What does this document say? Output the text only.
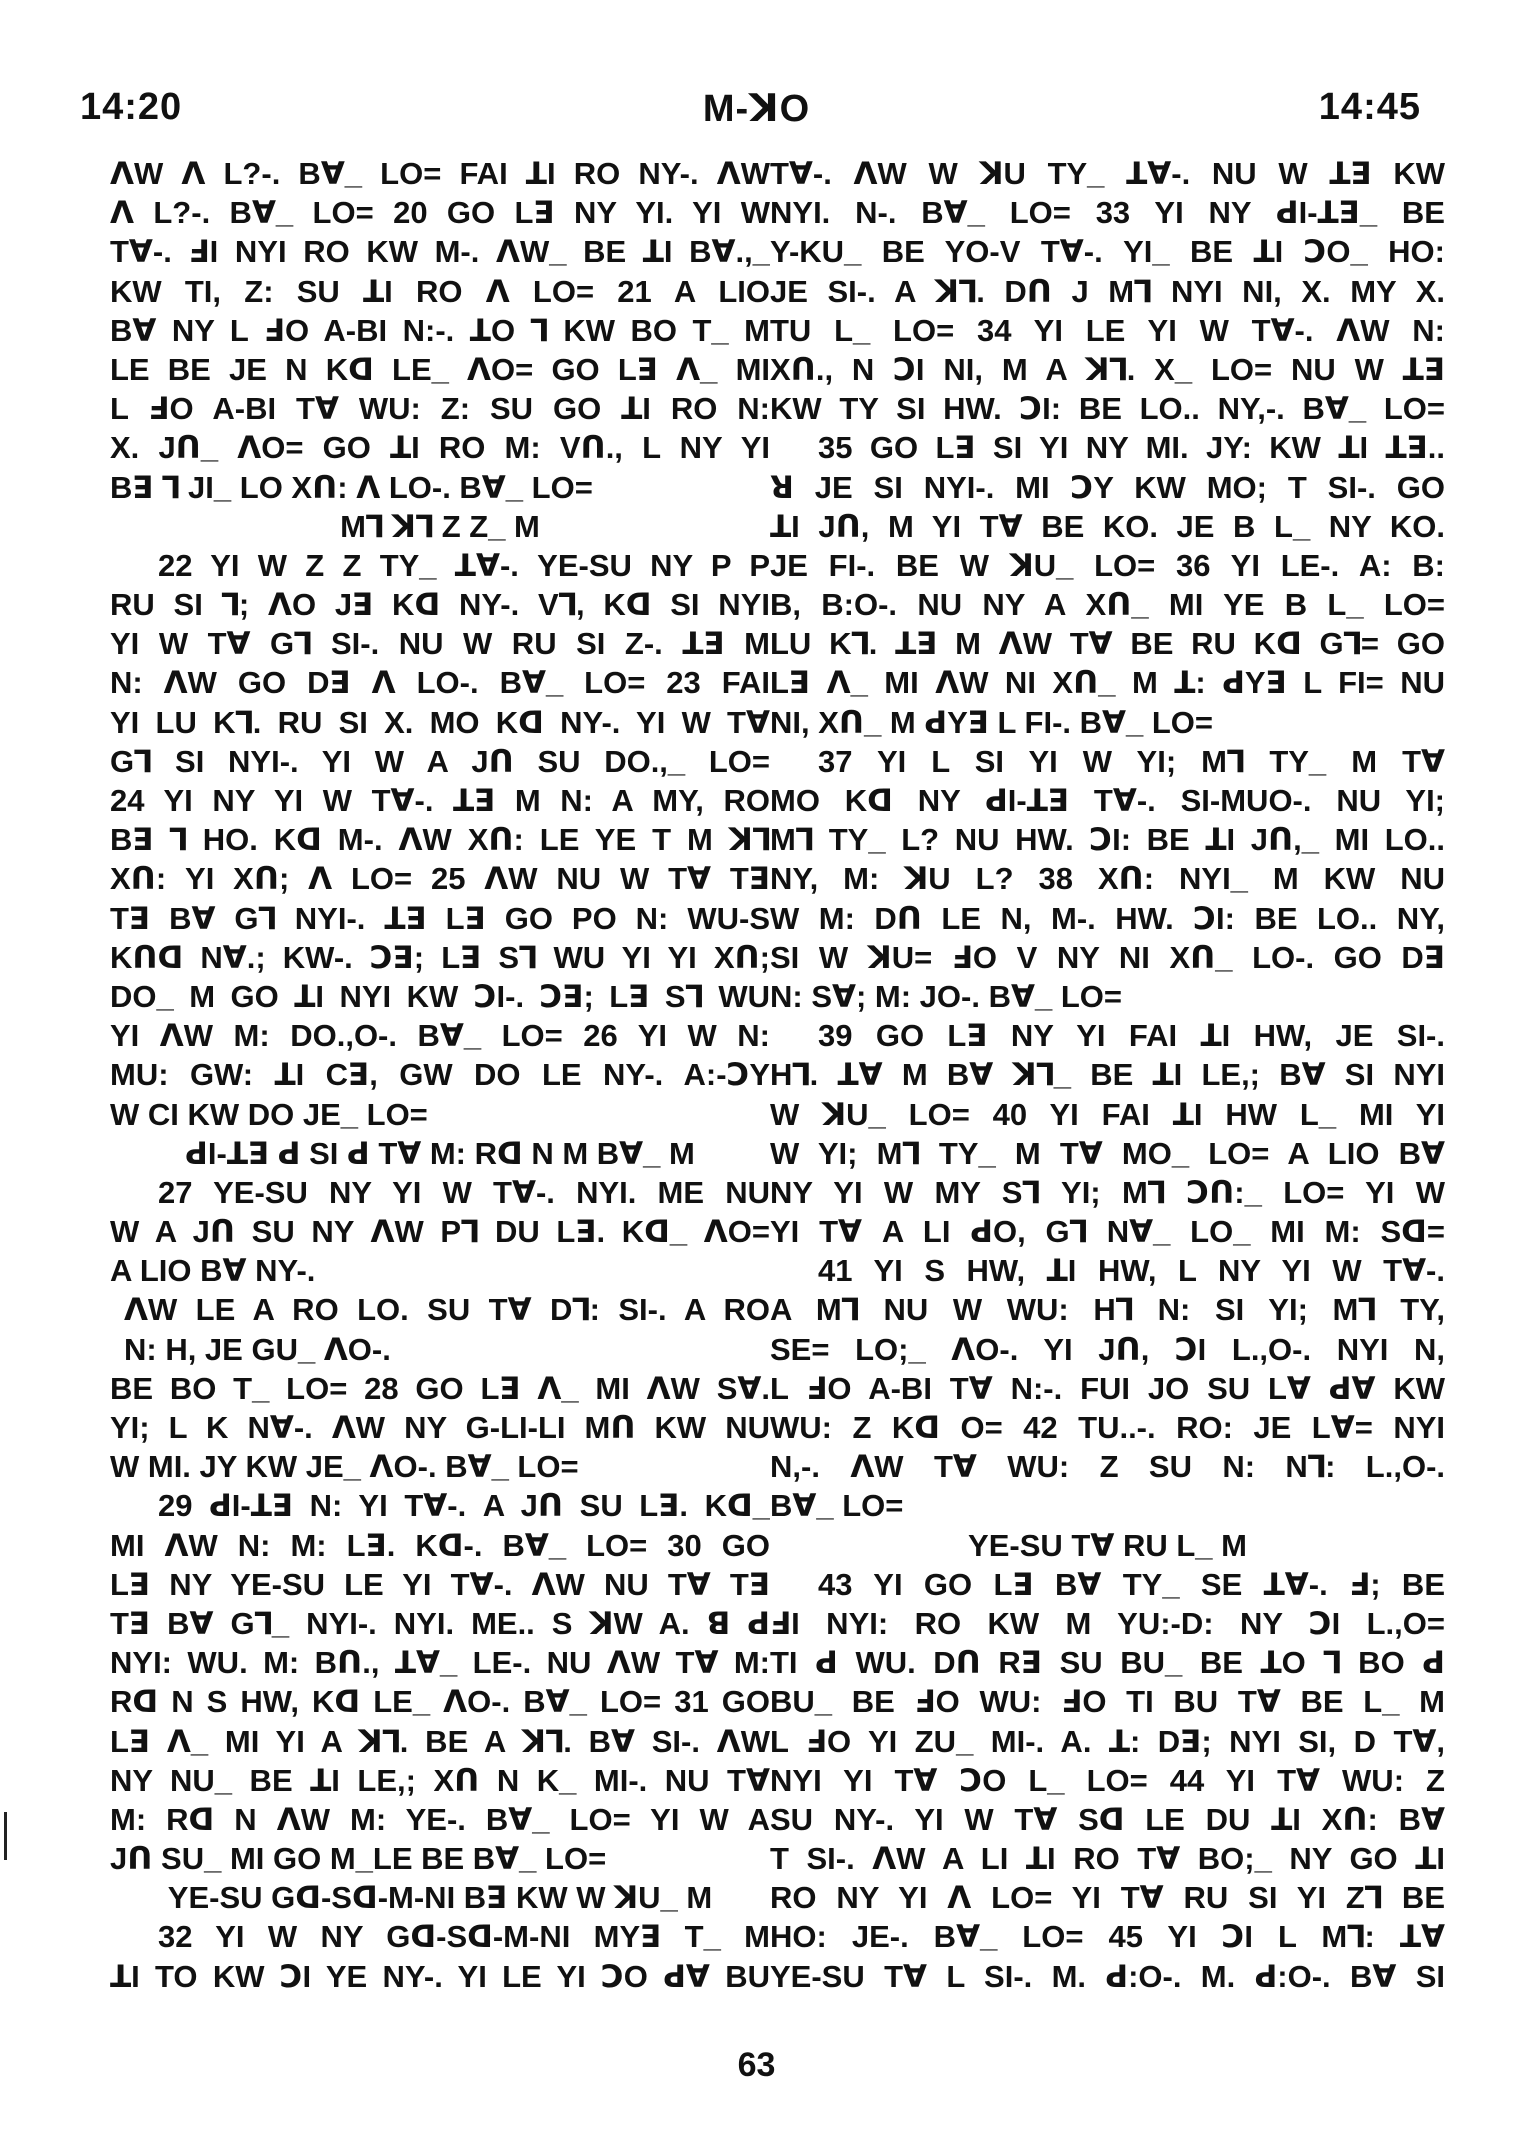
14:20	M-ꓘO	14:45
ꓥW ꓥ L?-. Bꓯ_ LO= FAI ꓕI RO NY-. ꓥW
ꓥ L?-. Bꓯ_ LO= 20 GO Lꓱ NY YI. YI W
Tꓯ-. ꓞI NYI RO KW M-. ꓥW_ BE ꓕI Bꓯ.,_
KW TI, Z: SU ꓕI RO ꓥ LO= 21 A LIO
Bꓯ NY L ꓞO A-BI N:-. ꓕO ꓶ KW BO T_ M
LE BE JE N Kꓷ LE_ ꓥO= GO Lꓱ ꓥ_ MI
L ꓞO A-BI Tꓯ WU: Z: SU GO ꓕI RO N:
X. Jꓵ_ ꓥO= GO ꓕI RO M: Vꓵ., L NY YI
Bꓱ ꓶ JI_ LO Xꓵ: ꓥ LO-. Bꓯ_ LO=
Mꓶ ꓘꓶ Z Z_ M
22 YI W Z Z TY_ ꓕꓯ-. YE-SU NY P P
RU SI ꓶ; ꓥO Jꓱ Kꓷ NY-. Vꓶ, Kꓷ SI NYI
YI W Tꓯ Gꓶ SI-. NU W RU SI Z-. ꓕꓱ M
N: ꓥW GO Dꓱ ꓥ LO-. Bꓯ_ LO= 23 FAI
YI LU Kꓶ. RU SI X. MO Kꓷ NY-. YI W Tꓯ
Gꓶ SI NYI-. YI W A Jꓵ SU DO.,_ LO=
24 YI NY YI W Tꓯ-. ꓕꓱ M N: A MY, RO
Bꓱ ꓶ HO. Kꓷ M-. ꓥW Xꓵ: LE YE T M ꓘꓶ
Xꓵ: YI Xꓵ; ꓥ LO= 25 ꓥW NU W Tꓯ Tꓱ
Tꓱ Bꓯ Gꓶ NYI-. ꓕꓱ Lꓱ GO PO N: WU-S
Kꓵꓷ Nꓯ.; KW-. ꓛꓱ; Lꓱ Sꓶ WU YI YI Xꓵ;
DO_ M GO ꓕI NYI KW ꓛI-. ꓛꓱ; Lꓱ Sꓶ WU
YI ꓥW M: DO.,O-. Bꓯ_ LO= 26 YI W N:
MU: GW: ꓕI Cꓱ, GW DO LE NY-. A:-ꓛY
W CI KW DO JE_ LO=
ꓒI-ꓕꓱ ꓒ SI ꓒ Tꓯ M: Rꓷ N M Bꓯ_ M
27 YE-SU NY YI W Tꓯ-. NYI. ME NU
W A Jꓵ SU NY ꓥW Pꓶ DU Lꓱ. Kꓷ_ ꓥO=
A LIO Bꓯ NY-.
ꓥW LE A RO LO. SU Tꓯ Dꓶ: SI-. A RO
N: H, JE GU_ ꓥO-.
BE BO T_ LO= 28 GO Lꓱ ꓥ_ MI ꓥW Sꓯ.
YI; L K Nꓯ-. ꓥW NY G-LI-LI Mꓵ KW NU
W MI. JY KW JE_ ꓥO-. Bꓯ_ LO=
29 ꓒI-ꓕꓱ N: YI Tꓯ-. A Jꓵ SU Lꓱ. Kꓷ_
MI ꓥW N: M: Lꓱ. Kꓷ-. Bꓯ_ LO= 30 GO
Lꓱ NY YE-SU LE YI Tꓯ-. ꓥW NU Tꓯ Tꓱ
Tꓱ Bꓯ Gꓶ_ NYI-. NYI. ME.. S ꓘW A. ꓭ ꓒ
NYI: WU. M: Bꓵ., ꓕꓯ_ LE-. NU ꓥW Tꓯ M:
Rꓷ N S HW, Kꓷ LE_ ꓥO-. Bꓯ_ LO= 31 GO
Lꓱ ꓥ_ MI YI A ꓘꓶ. BE A ꓘꓶ. Bꓯ SI-. ꓥW
NY NU_ BE ꓕI LE,; Xꓵ N K_ MI-. NU Tꓯ
M: Rꓷ N ꓥW M: YE-. Bꓯ_ LO= YI W A
Jꓵ SU_ MI GO M_LE BE Bꓯ_ LO=
YE-SU Gꓷ-Sꓷ-M-NI Bꓱ KW W ꓘU_ M
32 YI W NY Gꓷ-Sꓷ-M-NI MYꓱ T_ M
ꓕI TO KW ꓛI YE NY-. YI LE YI ꓛO ꓒꓯ BU
Tꓯ-. ꓥW W ꓘU TY_ ꓕꓯ-. NU W ꓕꓱ KW
NYI. N-. Bꓯ_ LO= 33 YI NY ꓒI-ꓕꓱ_ BE
Y-KU_ BE YO-V Tꓯ-. YI_ BE ꓕI ꓛO_ HO:
JE SI-. A ꓘꓶ. Dꓵ J Mꓶ NYI NI, X. MY X.
TU L_ LO= 34 YI LE YI W Tꓯ-. ꓥW N:
Xꓵ., N ꓛI NI, M A ꓘꓶ. X_ LO= NU W ꓕꓱ
KW TY SI HW. ꓛI: BE LO.. NY,-. Bꓯ_ LO=
35 GO Lꓱ SI YI NY MI. JY: KW ꓕI ꓕꓱ..
ꓤ JE SI NYI-. MI ꓛY KW MO; T SI-. GO
ꓕI Jꓵ, M YI Tꓯ BE KO. JE B L_ NY KO.
JE FI-. BE W ꓘU_ LO= 36 YI LE-. A: B:
B, B:O-. NU NY A Xꓵ_ MI YE B L_ LO=
LU Kꓶ. ꓕꓱ M ꓥW Tꓯ BE RU Kꓷ Gꓶ= GO
Lꓱ ꓥ_ MI ꓥW NI Xꓵ_ M ꓕ: ꓒYꓱ L FI= NU
NI, Xꓵ_ M ꓒYꓱ L FI-. Bꓯ_ LO=
37 YI L SI YI W YI; Mꓶ TY_ M Tꓯ
MO Kꓷ NY ꓒI-ꓕꓱ Tꓯ-. SI-MUO-. NU YI;
Mꓶ TY_ L? NU HW. ꓛI: BE ꓕI Jꓵ,_ MI LO..
NY, M: ꓘU L? 38 Xꓵ: NYI_ M KW NU
W M: Dꓵ LE N, M-. HW. ꓛI: BE LO.. NY,
SI W ꓘU= ꓞO V NY NI Xꓵ_ LO-. GO Dꓱ
N: Sꓯ; M: JO-. Bꓯ_ LO=
39 GO Lꓱ NY YI FAI ꓕI HW, JE SI-.
Hꓶ. ꓕꓯ M Bꓯ ꓘꓶ_ BE ꓕI LE,; Bꓯ SI NYI
W ꓘU_ LO= 40 YI FAI ꓕI HW L_ MI YI
W YI; Mꓶ TY_ M Tꓯ MO_ LO= A LIO Bꓯ
NY YI W MY Sꓶ YI; Mꓶ ꓛꓵ:_ LO= YI W
YI Tꓯ A LI ꓒO, Gꓶ Nꓯ_ LO_ MI M: Sꓷ=
41 YI S HW, ꓕI HW, L NY YI W Tꓯ-.
A Mꓶ NU W WU: Hꓶ N: SI YI; Mꓶ TY,
SE= LO;_ ꓥO-. YI Jꓵ, ꓛI L.,O-. NYI N,
L ꓞO A-BI Tꓯ N:-. FUI JO SU Lꓯ ꓒꓯ KW
WU: Z Kꓷ O= 42 TU..-. RO: JE Lꓯ= NYI
N,-. ꓥW Tꓯ WU: Z SU N: Nꓶ: L.,O-.
Bꓯ_ LO=
YE-SU Tꓯ RU L_ M
43 YI GO Lꓱ Bꓯ TY_ SE ꓕꓯ-. ꓞ; BE
ꓞI NYI: RO KW M YU:-D: NY ꓛI L.,O=
TI ꓒ WU. Dꓵ Rꓱ SU BU_ BE ꓕO ꓶ BO ꓒ
BU_ BE ꓞO WU: ꓞO TI BU Tꓯ BE L_ M
L ꓞO YI ZU_ MI-. A. ꓕ: Dꓱ; NYI SI, D Tꓯ,
NYI YI Tꓯ ꓛO L_ LO= 44 YI Tꓯ WU: Z
SU NY-. YI W Tꓯ Sꓷ LE DU ꓕI Xꓵ: Bꓯ
T SI-. ꓥW A LI ꓕI RO Tꓯ BO;_ NY GO ꓕI
RO NY YI ꓥ LO= YI Tꓯ RU SI YI Zꓶ BE
HO: JE-. Bꓯ_ LO= 45 YI ꓛI L Mꓶ: ꓕꓯ
YE-SU Tꓯ L SI-. M. ꓒ:O-. M. ꓒ:O-. Bꓯ SI
63
